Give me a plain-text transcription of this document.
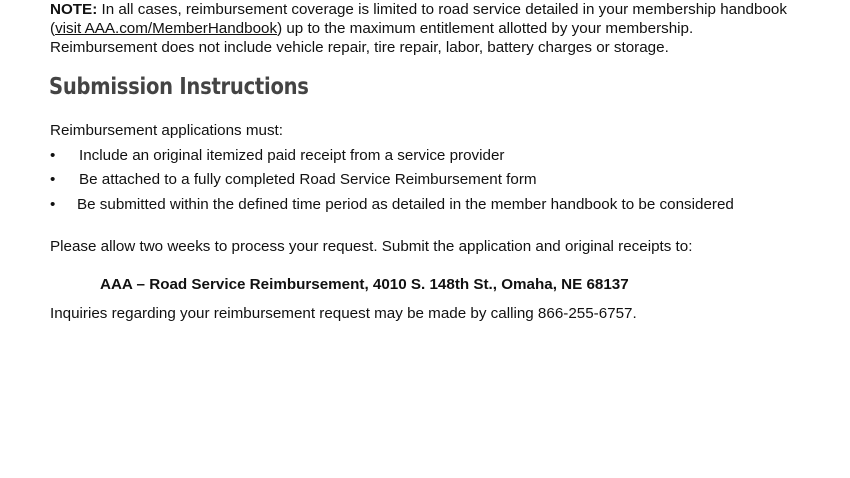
NOTE: In all cases, reimbursement coverage is limited to road service detailed in your membership handbook
(visit AAA.com/MemberHandbook) up to the maximum entitlement allotted by your membership.
Reimbursement does not include vehicle repair, tire repair, labor, battery charges or storage.
Submission Instructions
Reimbursement applications must:
• Include an original itemized paid receipt from a service provider
• Be attached to a fully completed Road Service Reimbursement form
• Be submitted within the defined time period as detailed in the member handbook to be considered
Please allow two weeks to process your request. Submit the application and original receipts to:
AAA – Road Service Reimbursement, 4010 S. 148th St., Omaha, NE 68137
Inquiries regarding your reimbursement request may be made by calling 866-255-6757.
